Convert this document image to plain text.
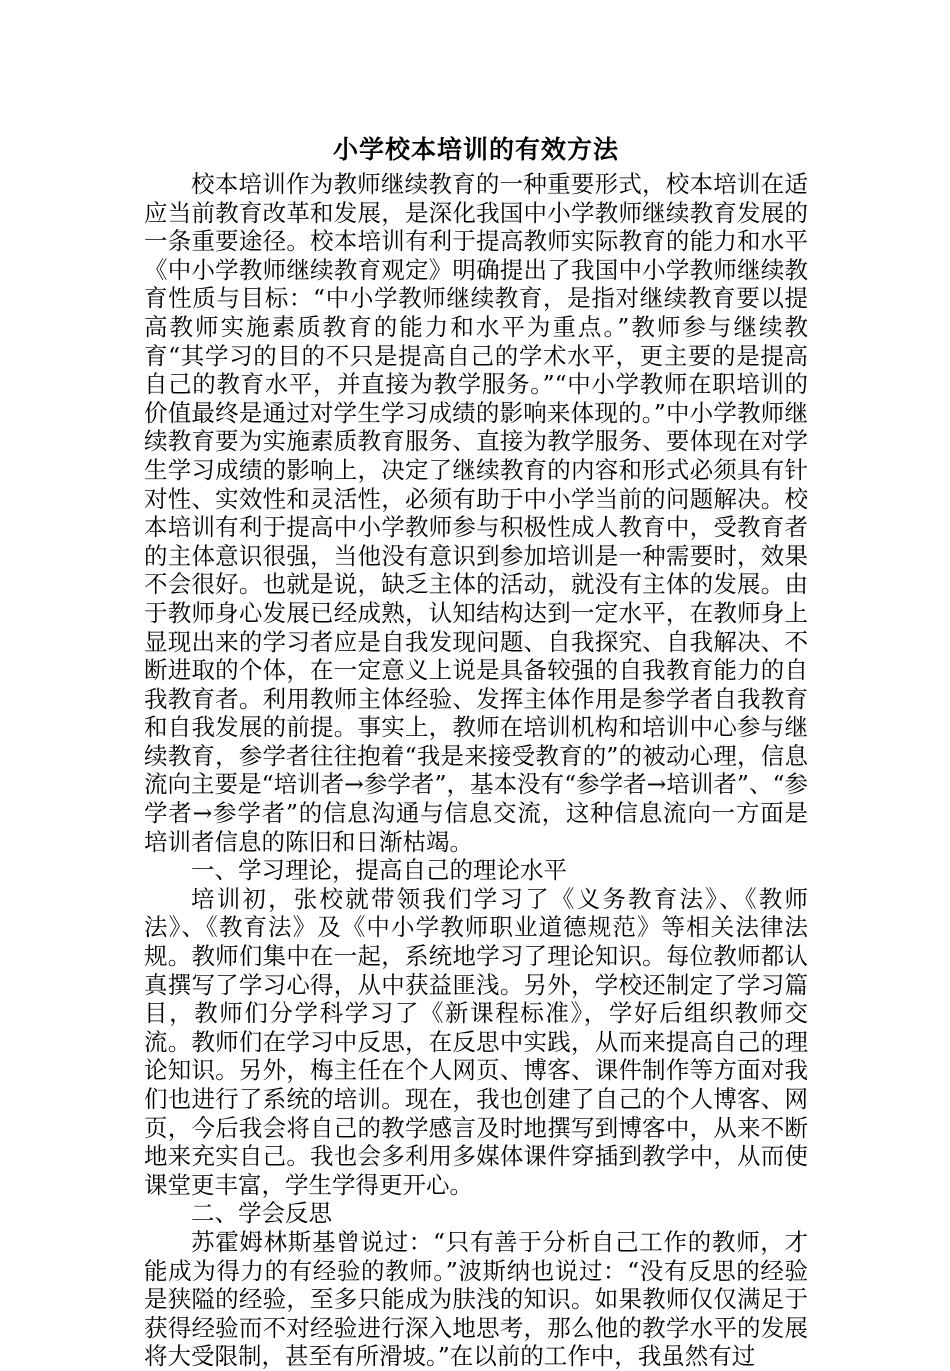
小学校本培训的有效方法

校本培训作为教师继续教育的一种重要形式，校本培训在适应当前教育改革和发展，是深化我国中小学教师继续教育发展的一条重要途径。校本培训有利于提高教师实际教育的能力和水平《中小学教师继续教育观定》明确提出了我国中小学教师继续教育性质与目标：“中小学教师继续教育，是指对继续教育要以提高教师实施素质教育的能力和水平为重点。”教师参与继续教育“其学习的目的不只是提高自己的学术水平，更主要的是提高自己的教育水平，并直接为教学服务。”“中小学教师在职培训的价值最终是通过对学生学习成绩的影响来体现的。”中小学教师继续教育要为实施素质教育服务、直接为教学服务、要体现在对学生学习成绩的影响上，决定了继续教育的内容和形式必须具有针对性、实效性和灵活性，必须有助于中小学当前的问题解决。校本培训有利于提高中小学教师参与积极性成人教育中，受教育者的主体意识很强，当他没有意识到参加培训是一种需要时，效果不会很好。也就是说，缺乏主体的活动，就没有主体的发展。由于教师身心发展已经成熟，认知结构达到一定水平，在教师身上显现出来的学习者应是自我发现问题、自我探究、自我解决、不断进取的个体，在一定意义上说是具备较强的自我教育能力的自我教育者。利用教师主体经验、发挥主体作用是参学者自我教育和自我发展的前提。事实上，教师在培训机构和培训中心参与继续教育，参学者往往抱着“我是来接受教育的”的被动心理，信息流向主要是“培训者→参学者”，基本没有“参学者→培训者”、“参学者→参学者”的信息沟通与信息交流，这种信息流向一方面是培训者信息的陈旧和日渐枯竭。

一、学习理论，提高自己的理论水平

培训初，张校就带领我们学习了《义务教育法》、《教师法》、《教育法》及《中小学教师职业道德规范》等相关法律法规。教师们集中在一起，系统地学习了理论知识。每位教师都认真撰写了学习心得，从中获益匪浅。另外，学校还制定了学习篇目，教师们分学科学习了《新课程标准》，学好后组织教师交流。教师们在学习中反思，在反思中实践，从而来提高自己的理论知识。另外，梅主任在个人网页、博客、课件制作等方面对我们也进行了系统的培训。现在，我也创建了自己的个人博客、网页，今后我会将自己的教学感言及时地撰写到博客中，从来不断地来充实自己。我也会多利用多媒体课件穿插到教学中，从而使课堂更丰富，学生学得更开心。

二、学会反思

苏霍姆林斯基曾说过：“只有善于分析自己工作的教师，才能成为得力的有经验的教师。”波斯纳也说过：“没有反思的经验是狭隘的经验，至多只能成为肤浅的知识。如果教师仅仅满足于获得经验而不对经验进行深入地思考，那么他的教学水平的发展将大受限制，甚至有所滑坡。”在以前的工作中，我虽然有过
